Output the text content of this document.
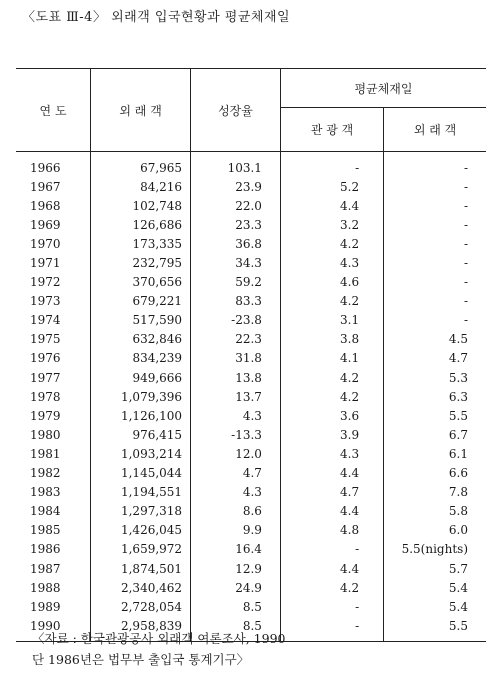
〈도표 Ⅲ-4〉 외래객 입국현황과 평균체재일
연 도	외 래 객	성장율	평균체재일	
			관 광 객	외 래 객
1966	67,965	103.1	-	-
1967	84,216	23.9	5.2	-
1968	102,748	22.0	4.4	-
1969	126,686	23.3	3.2	-
1970	173,335	36.8	4.2	-
1971	232,795	34.3	4.3	-
1972	370,656	59.2	4.6	-
1973	679,221	83.3	4.2	-
1974	517,590	-23.8	3.1	-
1975	632,846	22.3	3.8	4.5
1976	834,239	31.8	4.1	4.7
1977	949,666	13.8	4.2	5.3
1978	1,079,396	13.7	4.2	6.3
1979	1,126,100	4.3	3.6	5.5
1980	976,415	-13.3	3.9	6.7
1981	1,093,214	12.0	4.3	6.1
1982	1,145,044	4.7	4.4	6.6
1983	1,194,551	4.3	4.7	7.8
1984	1,297,318	8.6	4.4	5.8
1985	1,426,045	9.9	4.8	6.0
1986	1,659,972	16.4	-	5.5(nights)
1987	1,874,501	12.9	4.4	5.7
1988	2,340,462	24.9	4.2	5.4
1989	2,728,054	8.5	-	5.4
1990	2,958,839	8.5	-	5.5
〈자료 : 한국관광공사 외래객 여론조사, 1990
단 1986년은 법무부 출입국 통계기구〉
